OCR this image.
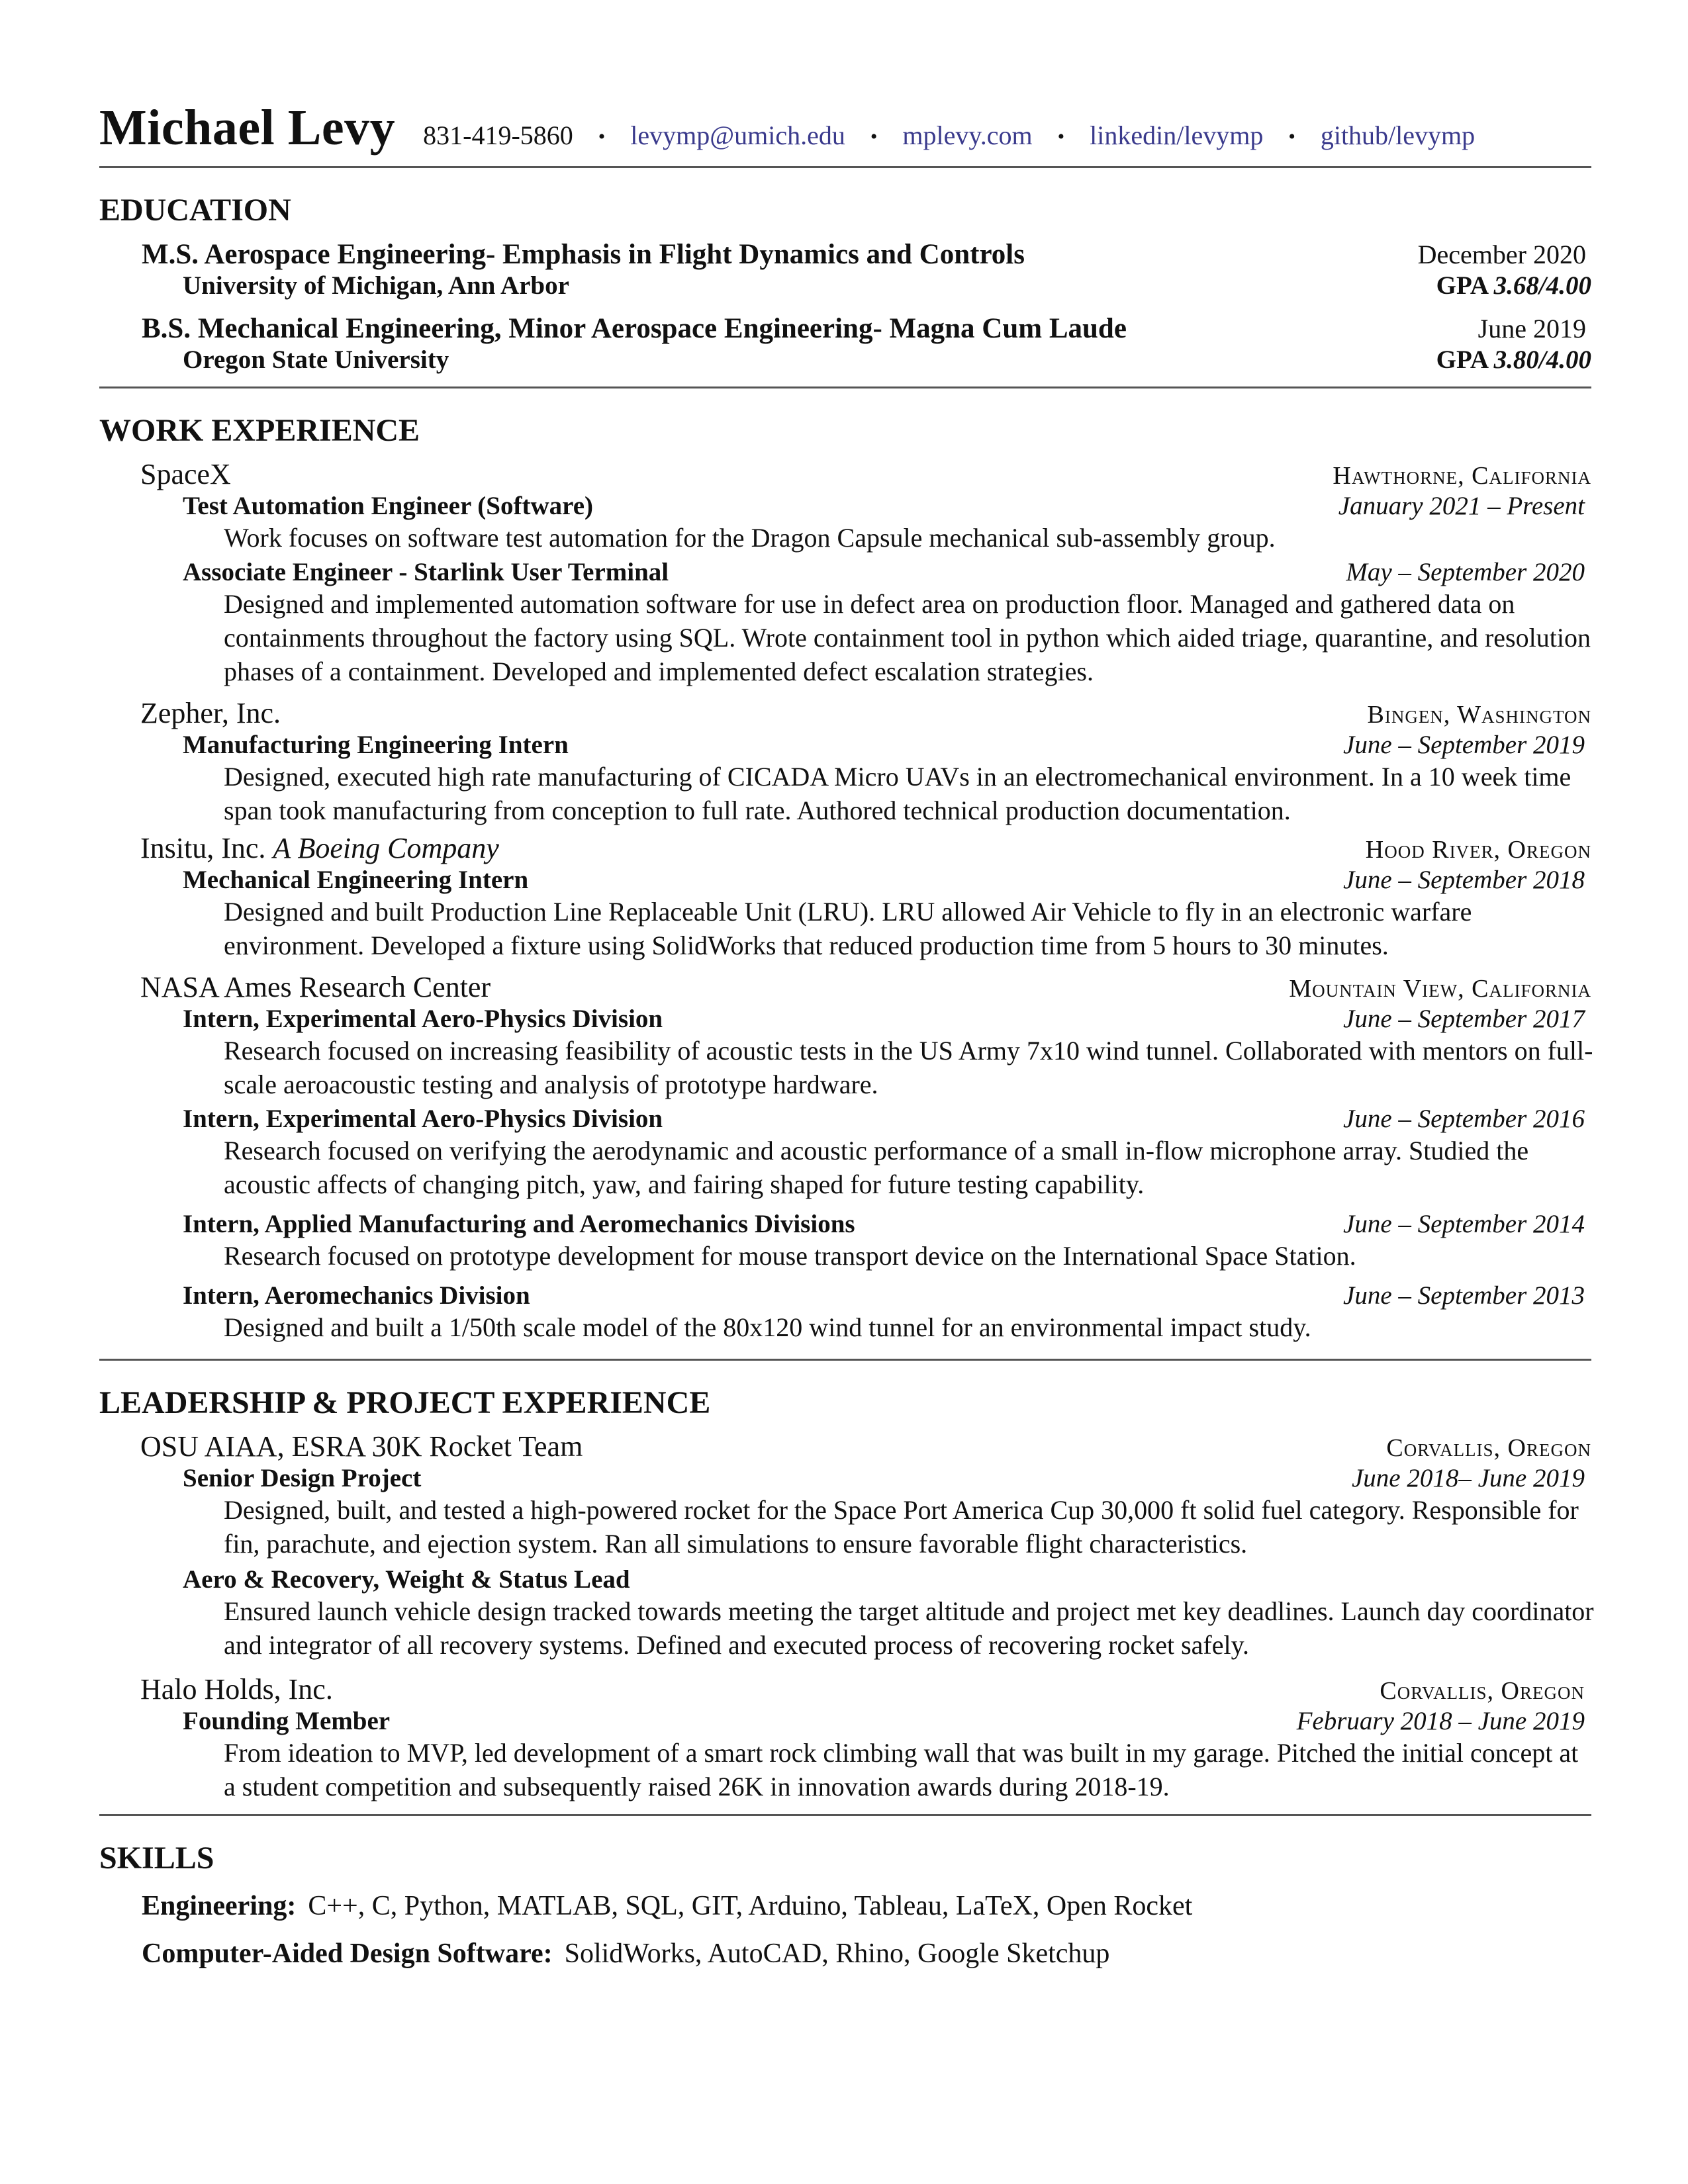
Michael Levy 831-419-5860 • levymp@umich.edu • mplevy.com • linkedin/levymp • github/levymp
EDUCATION
M.S. Aerospace Engineering- Emphasis in Flight Dynamics and Controls	December 2020
University of Michigan, Ann Arbor	GPA 3.68/4.00
B.S. Mechanical Engineering, Minor Aerospace Engineering- Magna Cum Laude	June 2019
Oregon State University	GPA 3.80/4.00
WORK EXPERIENCE
SpaceX	Hawthorne, California
Test Automation Engineer (Software)	January 2021 – Present
Work focuses on software test automation for the Dragon Capsule mechanical sub-assembly group.
Associate Engineer - Starlink User Terminal	May – September 2020
Designed and implemented automation software for use in defect area on production floor. Managed and gathered data on containments throughout the factory using SQL. Wrote containment tool in python which aided triage, quarantine, and resolution phases of a containment. Developed and implemented defect escalation strategies.
Zepher, Inc.	Bingen, Washington
Manufacturing Engineering Intern	June – September 2019
Designed, executed high rate manufacturing of CICADA Micro UAVs in an electromechanical environment. In a 10 week time span took manufacturing from conception to full rate. Authored technical production documentation.
Insitu, Inc. A Boeing Company	Hood River, Oregon
Mechanical Engineering Intern	June – September 2018
Designed and built Production Line Replaceable Unit (LRU). LRU allowed Air Vehicle to fly in an electronic warfare environment. Developed a fixture using SolidWorks that reduced production time from 5 hours to 30 minutes.
NASA Ames Research Center	Mountain View, California
Intern, Experimental Aero-Physics Division	June – September 2017
Research focused on increasing feasibility of acoustic tests in the US Army 7x10 wind tunnel. Collaborated with mentors on full-scale aeroacoustic testing and analysis of prototype hardware.
Intern, Experimental Aero-Physics Division	June – September 2016
Research focused on verifying the aerodynamic and acoustic performance of a small in-flow microphone array. Studied the acoustic affects of changing pitch, yaw, and fairing shaped for future testing capability.
Intern, Applied Manufacturing and Aeromechanics Divisions	June – September 2014
Research focused on prototype development for mouse transport device on the International Space Station.
Intern, Aeromechanics Division	June – September 2013
Designed and built a 1/50th scale model of the 80x120 wind tunnel for an environmental impact study.
LEADERSHIP & PROJECT EXPERIENCE
OSU AIAA, ESRA 30K Rocket Team	Corvallis, Oregon
Senior Design Project	June 2018– June 2019
Designed, built, and tested a high-powered rocket for the Space Port America Cup 30,000 ft solid fuel category. Responsible for fin, parachute, and ejection system. Ran all simulations to ensure favorable flight characteristics.
Aero & Recovery, Weight & Status Lead
Ensured launch vehicle design tracked towards meeting the target altitude and project met key deadlines. Launch day coordinator and integrator of all recovery systems. Defined and executed process of recovering rocket safely.
Halo Holds, Inc.	Corvallis, Oregon
Founding Member	February 2018 – June 2019
From ideation to MVP, led development of a smart rock climbing wall that was built in my garage. Pitched the initial concept at a student competition and subsequently raised 26K in innovation awards during 2018-19.
SKILLS
Engineering: C++, C, Python, MATLAB, SQL, GIT, Arduino, Tableau, LaTeX, Open Rocket
Computer-Aided Design Software: SolidWorks, AutoCAD, Rhino, Google Sketchup
